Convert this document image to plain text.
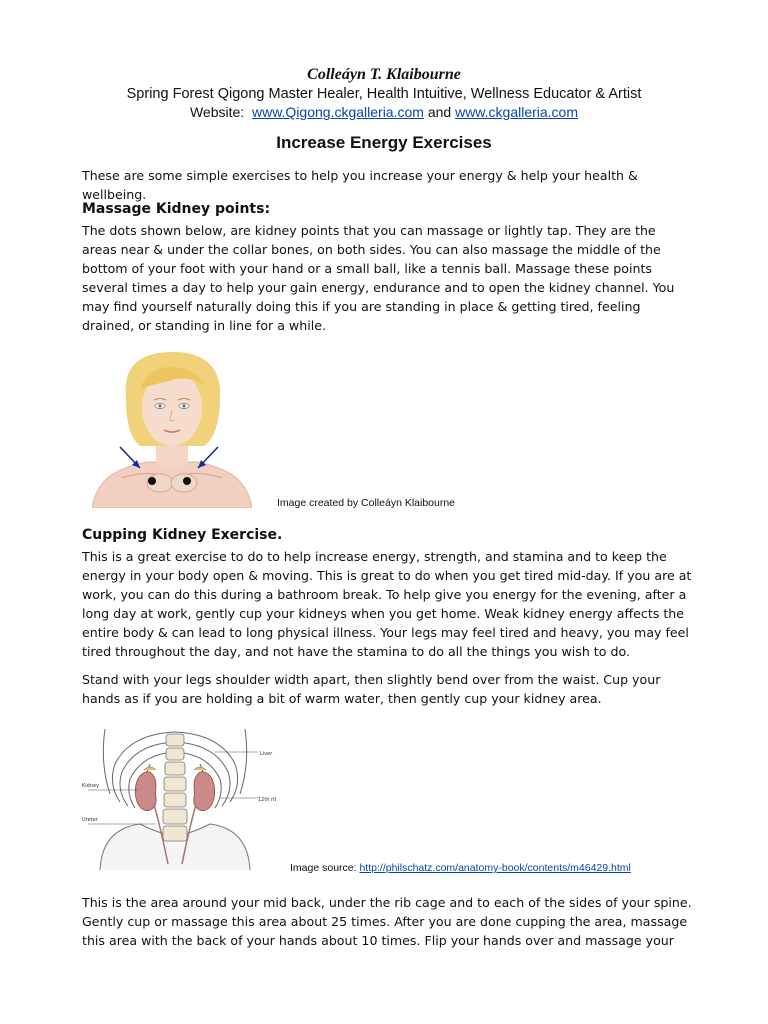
Colleáyn T. Klaibourne
Spring Forest Qigong Master Healer, Health Intuitive, Wellness Educator & Artist
Website: www.Qigong.ckgalleria.com and www.ckgalleria.com
Increase Energy Exercises
These are some simple exercises to help you increase your energy & help your health & wellbeing.
Massage Kidney points:

The dots shown below, are kidney points that you can massage or lightly tap. They are the areas near & under the collar bones, on both sides. You can also massage the middle of the bottom of your foot with your hand or a small ball, like a tennis ball. Massage these points several times a day to help your gain energy, endurance and to open the kidney channel. You may find yourself naturally doing this if you are standing in place & getting tired, feeling drained, or standing in line for a while.

Image created by Colleáyn Klaibourne
Cupping Kidney Exercise.

This is a great exercise to do to help increase energy, strength, and stamina and to keep the energy in your body open & moving. This is great to do when you get tired mid-day. If you are at work, you can do this during a bathroom break. To help give you energy for the evening, after a long day at work, gently cup your kidneys when you get home. Weak kidney energy affects the entire body & can lead to long physical illness. Your legs may feel tired and heavy, you may feel tired throughout the day, and not have the stamina to do all the things you wish to do.

Stand with your legs shoulder width apart, then slightly bend over from the waist. Cup your hands as if you are holding a bit of warm water, then gently cup your kidney area.

Liver
Kidney
12th rib
Ureter
Image source: http://philschatz.com/anatomy-book/contents/m46429.html

This is the area around your mid back, under the rib cage and to each of the sides of your spine. Gently cup or massage this area about 25 times. After you are done cupping the area, massage this area with the back of your hands about 10 times. Flip your hands over and massage your
